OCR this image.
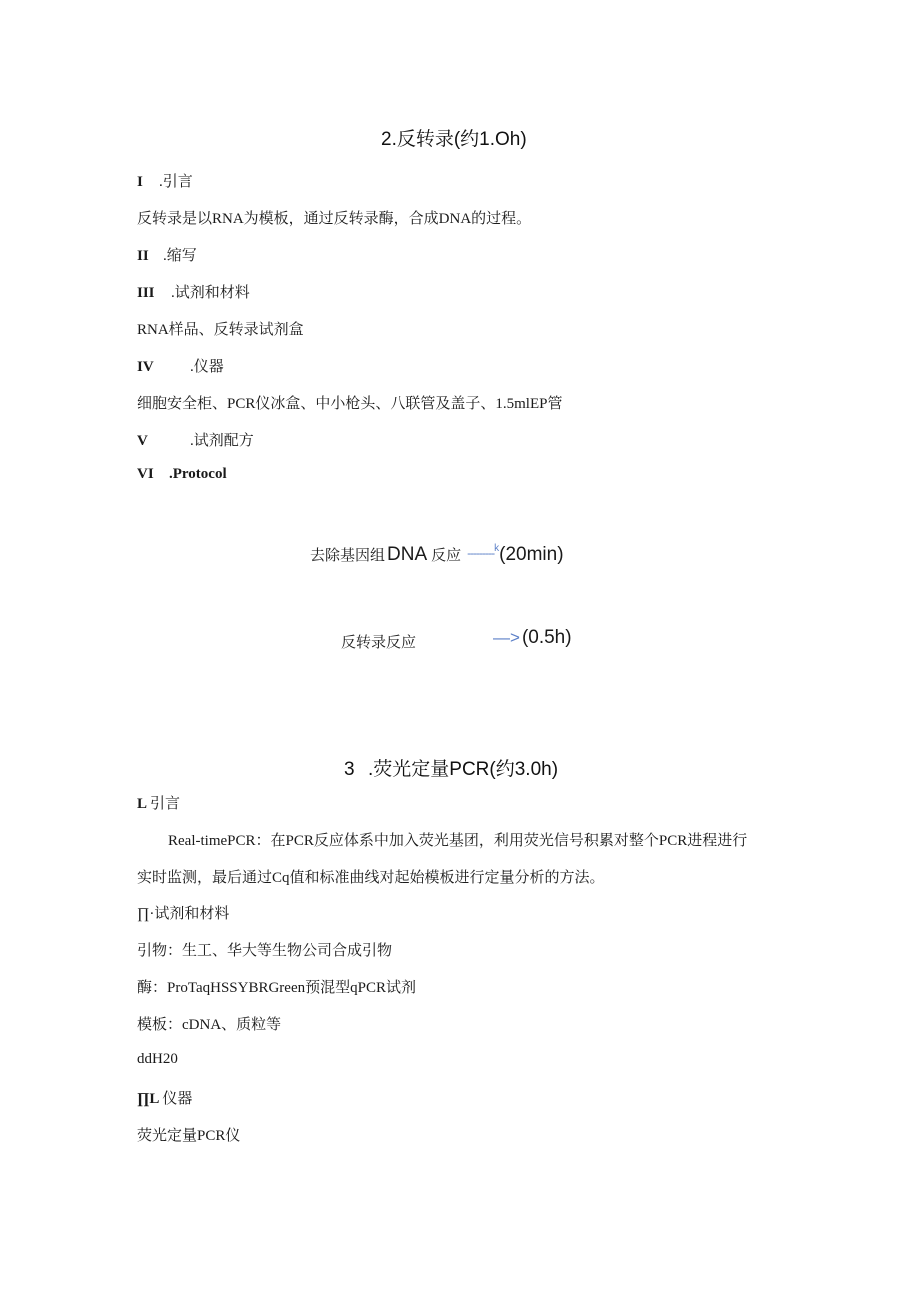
2.反转录(约1.Oh)
I .引言
反转录是以RNA为模板，通过反转录酶，合成DNA的过程。
II .缩写
III .试剂和材料
RNA样品、反转录试剂盒
IV .仪器
细胞安全柜、PCR仪冰盒、中小枪头、八联管及盖子、1.5mlEP管
V	.试剂配方
VI .Protocol
去除基因组 DNA 反应 ---------$^k$(20min)
反转录反应	—> (0.5h)
3 .荧光定量PCR(约3.0h)
L 引言
Real-timePCR：在PCR反应体系中加入荧光基团，利用荧光信号积累对整个PCR进程进行
实时监测，最后通过Cq值和标准曲线对起始模板进行定量分析的方法。
∏·试剂和材料
引物：生工、华大等生物公司合成引物
酶：ProTaqHSSYBRGreen预混型qPCR试剂
模板：cDNA、质粒等
ddH20
∏L 仪器
荧光定量PCR仪
